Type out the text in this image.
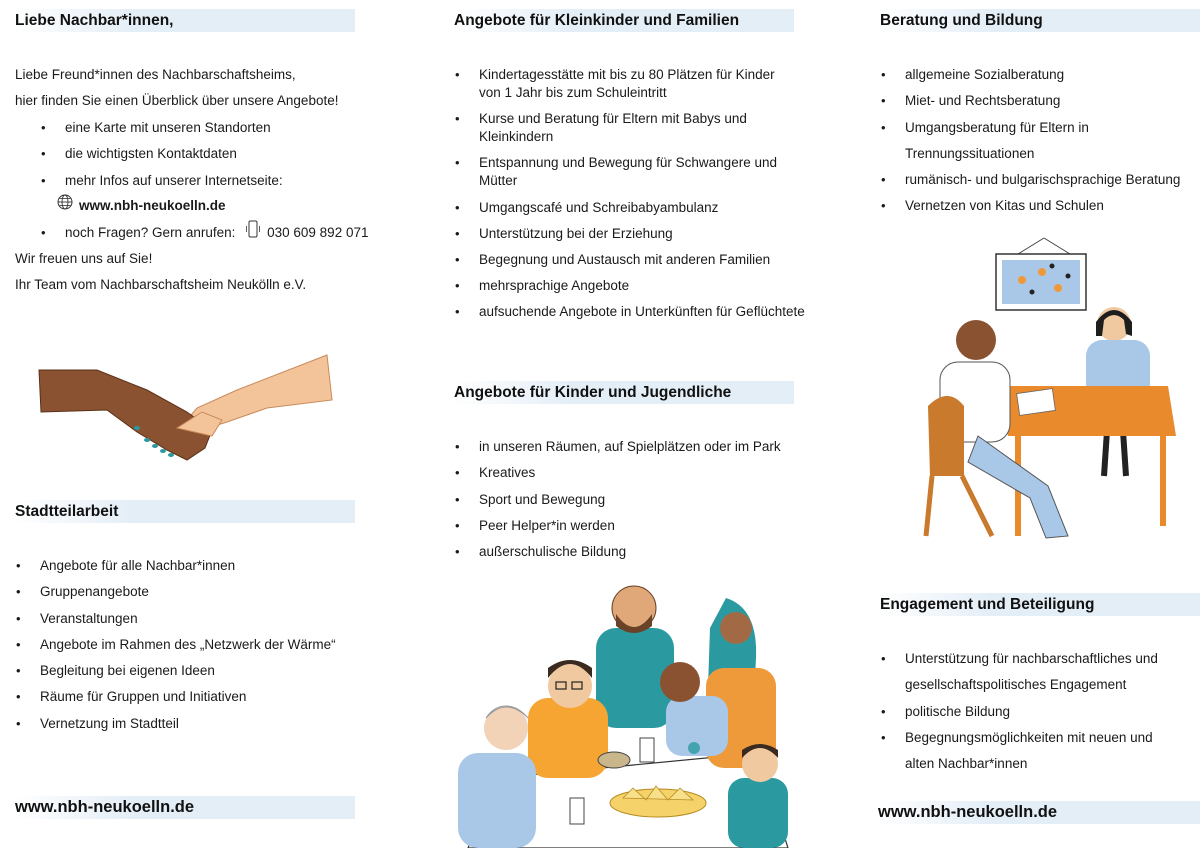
Liebe Nachbar*innen,
Liebe Freund*innen des Nachbarschaftsheims,
hier finden Sie einen Überblick über unsere Angebote!
• eine Karte mit unseren Standorten
• die wichtigsten Kontaktdaten
• mehr Infos auf unserer Internetseite:
www.nbh-neukoelln.de
• noch Fragen? Gern anrufen: 030 609 892 071
Wir freuen uns auf Sie!
Ihr Team vom Nachbarschaftsheim Neukölln e.V.
Stadtteilarbeit
• Angebote für alle Nachbar*innen
• Gruppenangebote
• Veranstaltungen
• Angebote im Rahmen des „Netzwerk der Wärme“
• Begleitung bei eigenen Ideen
• Räume für Gruppen und Initiativen
• Vernetzung im Stadtteil
www.nbh-neukoelln.de
Angebote für Kleinkinder und Familien
• Kindertagesstätte mit bis zu 80 Plätzen für Kinder
von 1 Jahr bis zum Schuleintritt
• Kurse und Beratung für Eltern mit Babys und
Kleinkindern
• Entspannung und Bewegung für Schwangere und
Mütter
• Umgangscafé und Schreibabyambulanz
• Unterstützung bei der Erziehung
• Begegnung und Austausch mit anderen Familien
• mehrsprachige Angebote
• aufsuchende Angebote in Unterkünften für Geflüchtete
Angebote für Kinder und Jugendliche
• in unseren Räumen, auf Spielplätzen oder im Park
• Kreatives
• Sport und Bewegung
• Peer Helper*in werden
• außerschulische Bildung
Beratung und Bildung
• allgemeine Sozialberatung
• Miet- und Rechtsberatung
• Umgangsberatung für Eltern in
Trennungssituationen
• rumänisch- und bulgarischsprachige Beratung
• Vernetzen von Kitas und Schulen
Engagement und Beteiligung
• Unterstützung für nachbarschaftliches und
gesellschaftspolitisches Engagement
• politische Bildung
• Begegnungsmöglichkeiten mit neuen und
alten Nachbar*innen
www.nbh-neukoelln.de
